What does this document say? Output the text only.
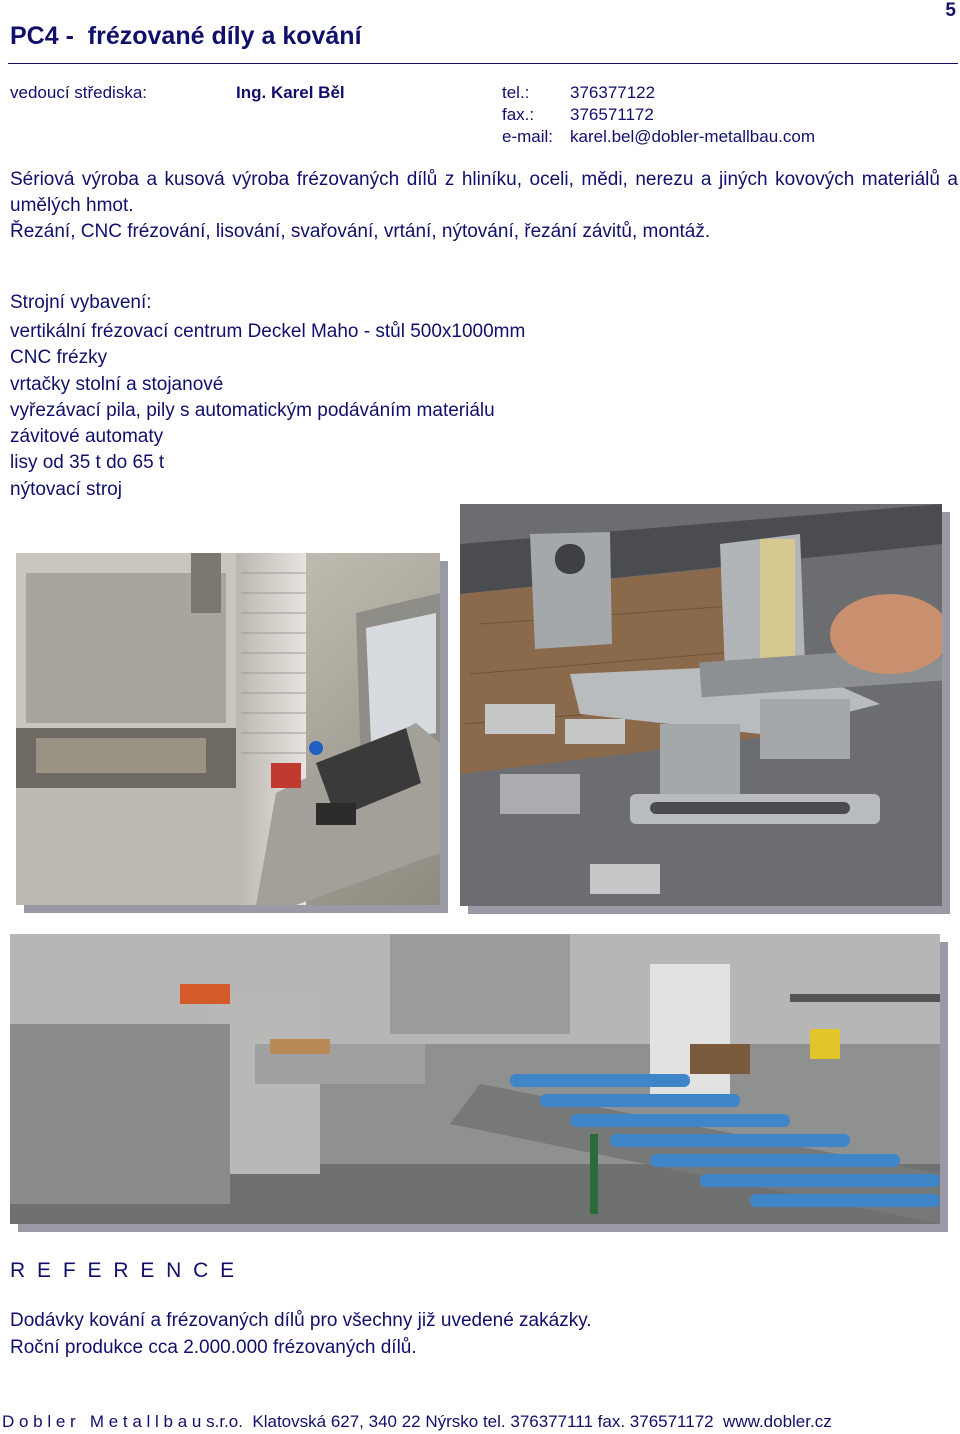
PC4 -  frézované díly a kování
5
vedoucí střediska:	Ing. Karel Běl	tel.: 376377122
fax.: 376571172
e-mail: karel.bel@dobler-metallbau.com
Sériová výroba a kusová výroba frézovaných dílů z hliníku, oceli, mědi, nerezu a jiných kovových materiálů a umělých hmot.
Řezání, CNC frézování, lisování, svařování, vrtání, nýtování, řezání závitů, montáž.
Strojní vybavení:
vertikální frézovací centrum Deckel Maho - stůl 500x1000mm
CNC frézky
vrtačky stolní a stojanové
vyřezávací pila, pily s automatickým podáváním materiálu
závitové automaty
lisy od 35 t do 65 t
nýtovací stroj
R E F E R E N C E
Dodávky kování a frézovaných dílů pro všechny již uvedené zakázky.
Roční produkce cca 2.000.000 frézovaných dílů.
D o b l e r   M e t a l l b a u s.r.o.  Klatovská 627, 340 22 Nýrsko tel. 376377111 fax. 376571172  www.dobler.cz
